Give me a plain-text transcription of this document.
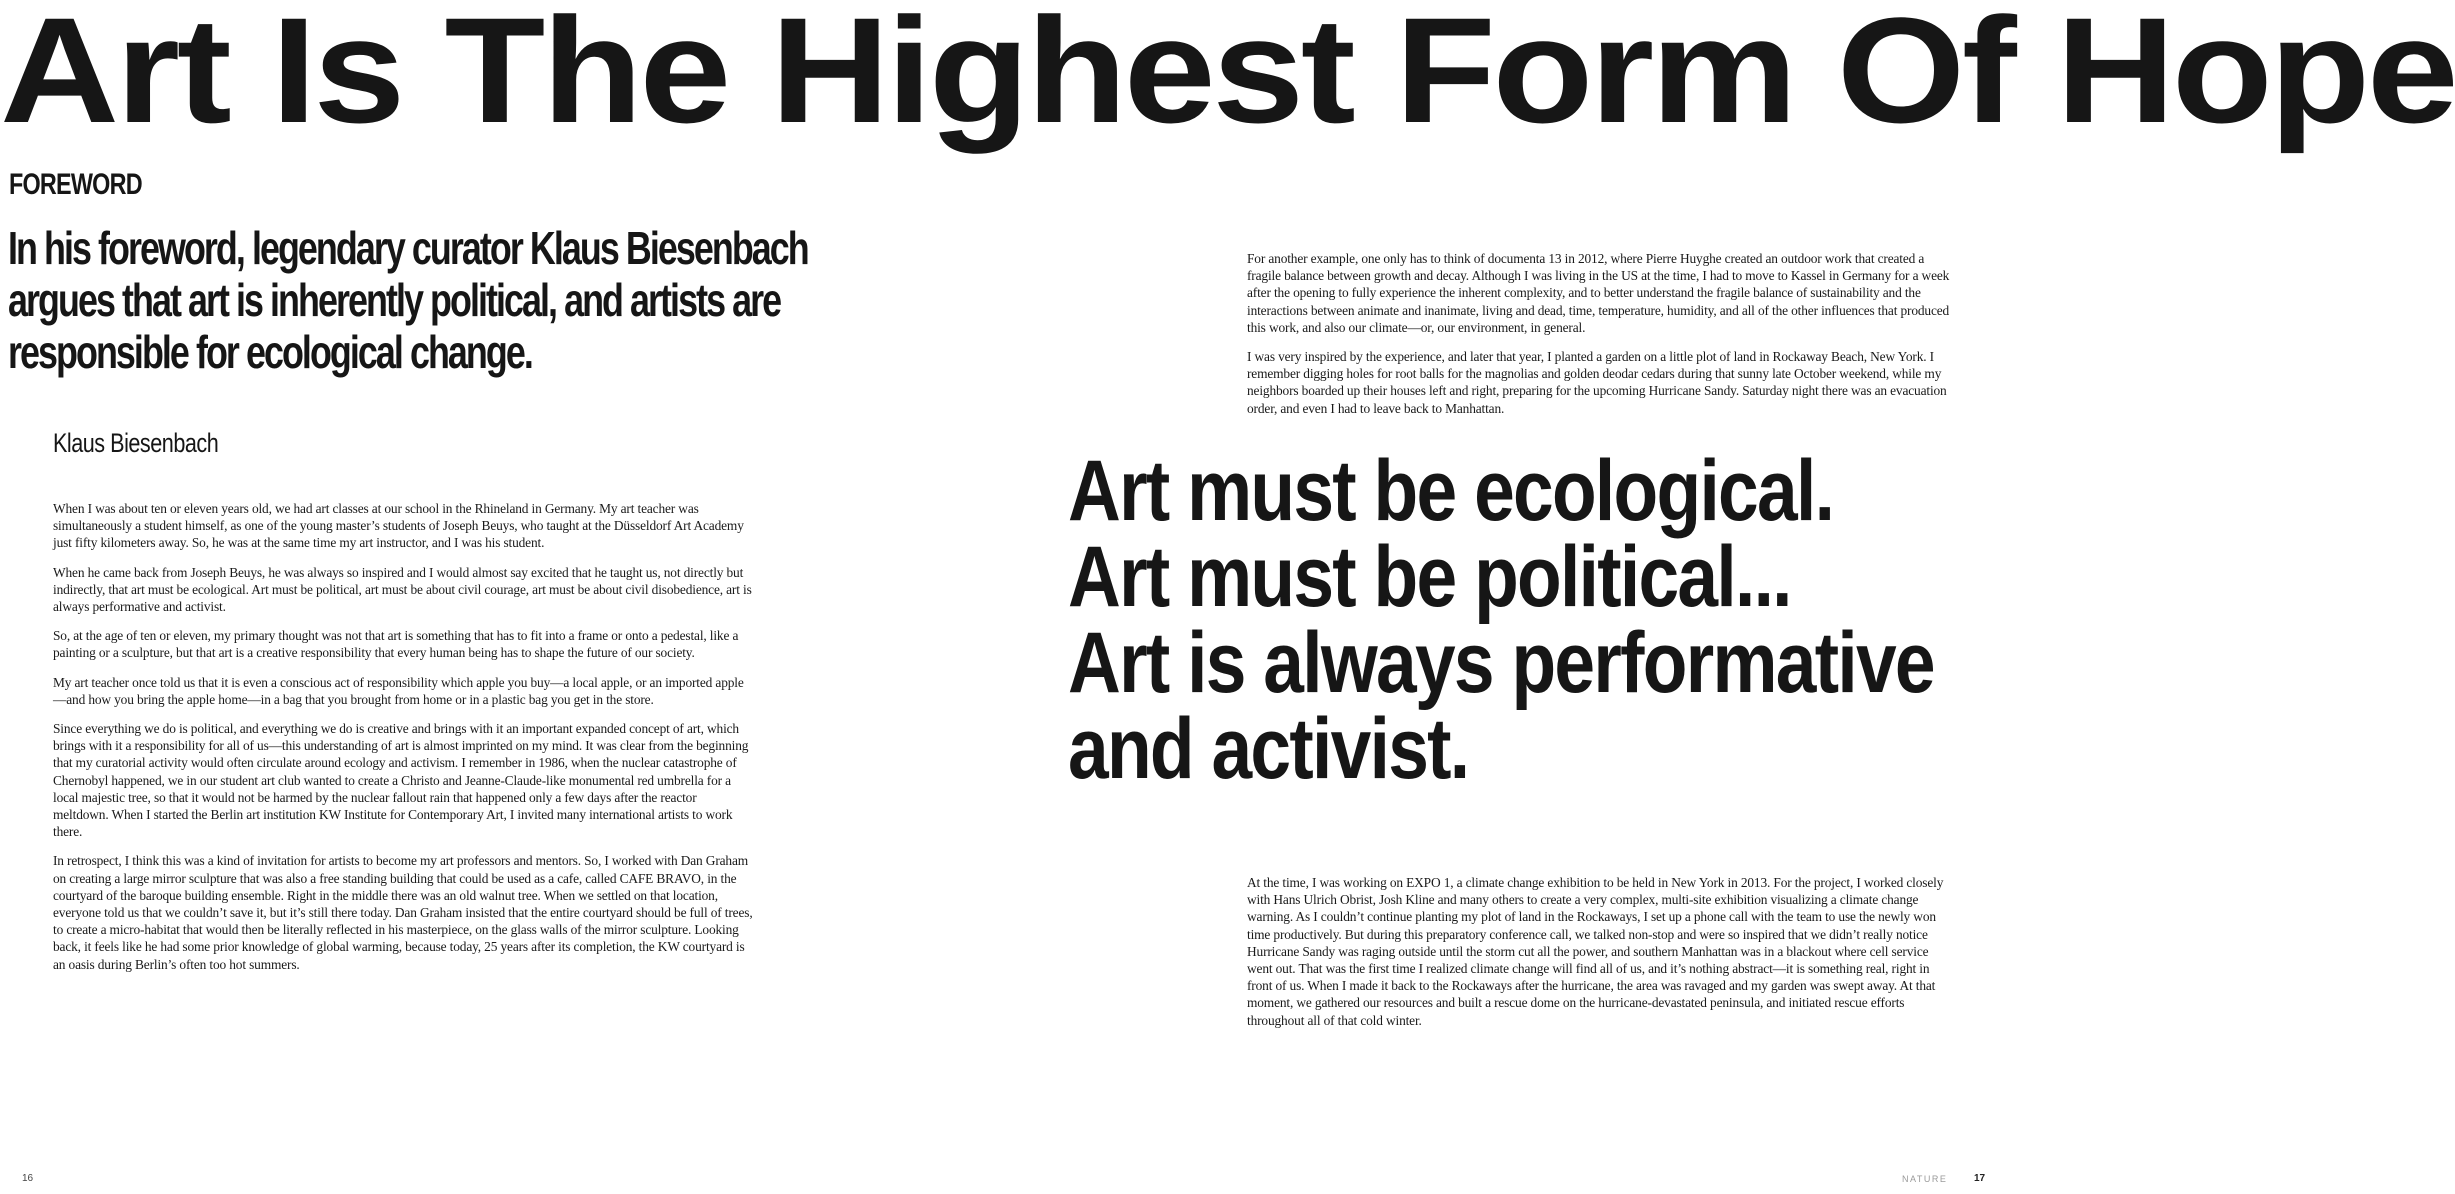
Art Is The Highest Form Of Hope
FOREWORD

In his foreword, legendary curator Klaus Biesenbach argues that art is inherently political, and artists are responsible for ecological change.

Klaus Biesenbach

When I was about ten or eleven years old, we had art classes at our school in the Rhineland in Germany. My art teacher was simultaneously a student himself, as one of the young master’s students of Joseph Beuys, who taught at the Düsseldorf Art Academy just fifty kilometers away. So, he was at the same time my art instructor, and I was his student.

When he came back from Joseph Beuys, he was always so inspired and I would almost say excited that he taught us, not directly but indirectly, that art must be ecological. Art must be political, art must be about civil courage, art must be about civil disobedience, art is always performative and activist.

So, at the age of ten or eleven, my primary thought was not that art is something that has to fit into a frame or onto a pedestal, like a painting or a sculpture, but that art is a creative responsibility that every human being has to shape the future of our society.

My art teacher once told us that it is even a conscious act of responsibility which apple you buy—a local apple, or an imported apple—and how you bring the apple home—in a bag that you brought from home or in a plastic bag you get in the store.

Since everything we do is political, and everything we do is creative and brings with it an important expanded concept of art, which brings with it a responsibility for all of us—this understanding of art is almost imprinted on my mind. It was clear from the beginning that my curatorial activity would often circulate around ecology and activism. I remember in 1986, when the nuclear catastrophe of Chernobyl happened, we in our student art club wanted to create a Christo and Jeanne-Claude-like monumental red umbrella for a local majestic tree, so that it would not be harmed by the nuclear fallout rain that happened only a few days after the reactor meltdown. When I started the Berlin art institution KW Institute for Contemporary Art, I invited many international artists to work there.

In retrospect, I think this was a kind of invitation for artists to become my art professors and mentors. So, I worked with Dan Graham on creating a large mirror sculpture that was also a free standing building that could be used as a cafe, called CAFE BRAVO, in the courtyard of the baroque building ensemble. Right in the middle there was an old walnut tree. When we settled on that location, everyone told us that we couldn’t save it, but it’s still there today. Dan Graham insisted that the entire courtyard should be full of trees, to create a micro-habitat that would then be literally reflected in his masterpiece, on the glass walls of the mirror sculpture. Looking back, it feels like he had some prior knowledge of global warming, because today, 25 years after its completion, the KW courtyard is an oasis during Berlin’s often too hot summers.

For another example, one only has to think of documenta 13 in 2012, where Pierre Huyghe created an outdoor work that created a fragile balance between growth and decay. Although I was living in the US at the time, I had to move to Kassel in Germany for a week after the opening to fully experience the inherent complexity, and to better understand the fragile balance of sustainability and the interactions between animate and inanimate, living and dead, time, temperature, humidity, and all of the other influences that produced this work, and also our climate—or, our environment, in general.

I was very inspired by the experience, and later that year, I planted a garden on a little plot of land in Rockaway Beach, New York. I remember digging holes for root balls for the magnolias and golden deodar cedars during that sunny late October weekend, while my neighbors boarded up their houses left and right, preparing for the upcoming Hurricane Sandy. Saturday night there was an evacuation order, and even I had to leave back to Manhattan.

Art must be ecological.
Art must be political...
Art is always performative
and activist.

At the time, I was working on EXPO 1, a climate change exhibition to be held in New York in 2013. For the project, I worked closely with Hans Ulrich Obrist, Josh Kline and many others to create a very complex, multi-site exhibition visualizing a climate change warning. As I couldn’t continue planting my plot of land in the Rockaways, I set up a phone call with the team to use the newly won time productively. But during this preparatory conference call, we talked non-stop and were so inspired that we didn’t really notice Hurricane Sandy was raging outside until the storm cut all the power, and southern Manhattan was in a blackout where cell service went out. That was the first time I realized climate change will find all of us, and it’s nothing abstract—it is something real, right in front of us. When I made it back to the Rockaways after the hurricane, the area was ravaged and my garden was swept away. At that moment, we gathered our resources and built a rescue dome on the hurricane-devastated peninsula, and initiated rescue efforts throughout all of that cold winter.

16	NATURE	17
